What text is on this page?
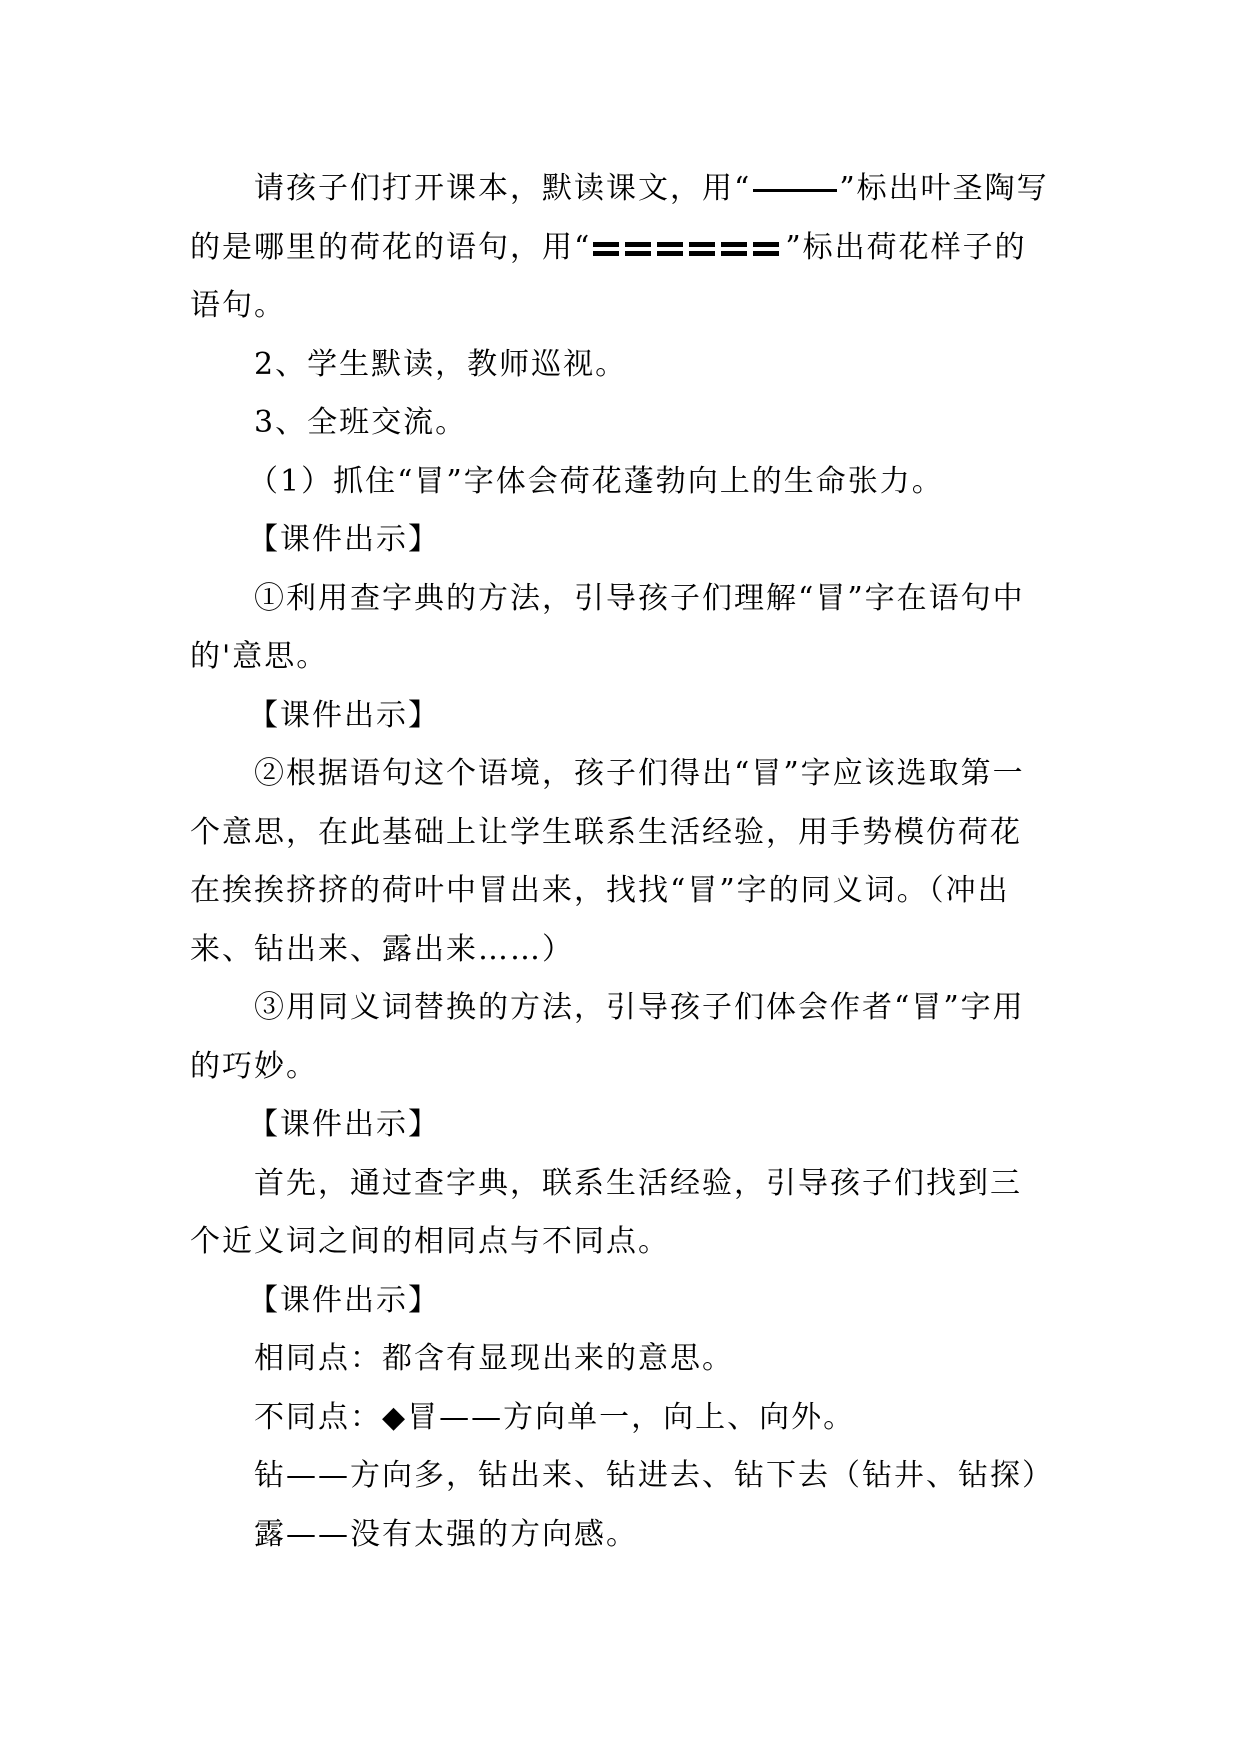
请孩子们打开课本，默读课文，用“	”标出叶圣陶写的是哪里的荷花的语句，用“	”标出荷花样子的语句。

2、学生默读，教师巡视。

3、全班交流。

（1）抓住“冒”字体会荷花蓬勃向上的生命张力。

【课件出示】

①利用查字典的方法，引导孩子们理解“冒”字在语句中的'意思。

【课件出示】

②根据语句这个语境，孩子们得出“冒”字应该选取第一个意思，在此基础上让学生联系生活经验，用手势模仿荷花在挨挨挤挤的荷叶中冒出来，找找“冒”字的同义词。（冲出来、钻出来、露出来……）

③用同义词替换的方法，引导孩子们体会作者“冒”字用的巧妙。

【课件出示】

首先，通过查字典，联系生活经验，引导孩子们找到三个近义词之间的相同点与不同点。

【课件出示】

相同点：都含有显现出来的意思。

不同点：◆冒——方向单一，向上、向外。

钻——方向多，钻出来、钻进去、钻下去（钻井、钻探）

露——没有太强的方向感。
